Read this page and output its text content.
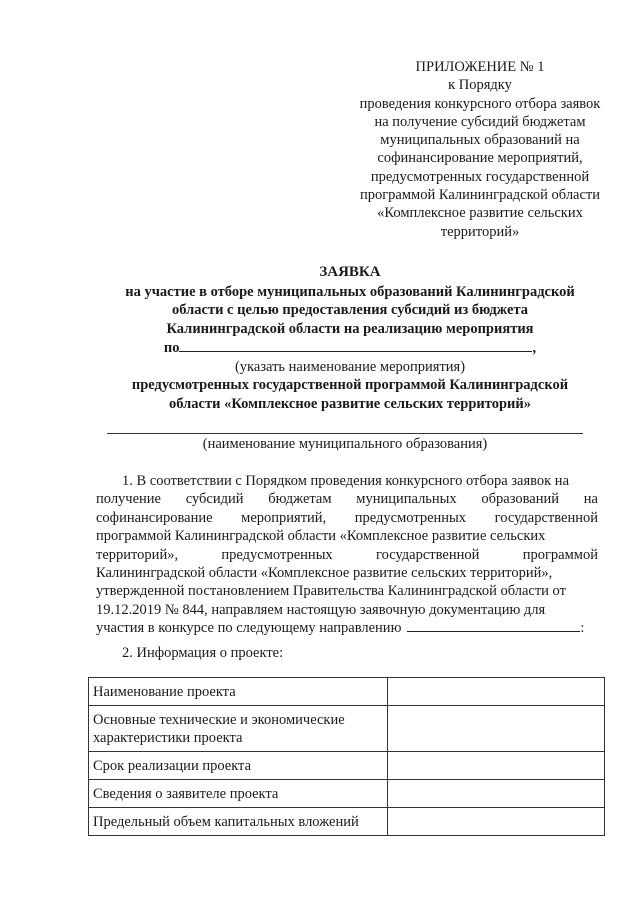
ПРИЛОЖЕНИЕ № 1
к Порядку
проведения конкурсного отбора заявок
на получение субсидий бюджетам
муниципальных образований на
софинансирование мероприятий,
предусмотренных государственной
программой Калининградской области
«Комплексное развитие сельских
территорий»
ЗАЯВКА
на участие в отборе муниципальных образований Калининградской
области с целью предоставления субсидий из бюджета
Калининградской области на реализацию мероприятия
по	,
(указать наименование мероприятия)
предусмотренных государственной программой Калининградской
области «Комплексное развитие сельских территорий»
(наименование муниципального образования)
1. В соответствии с Порядком проведения конкурсного отбора заявок на
получение субсидий бюджетам муниципальных образований на
софинансирование мероприятий, предусмотренных государственной
программой Калининградской области «Комплексное развитие сельских
территорий»,	предусмотренных	государственной	программой
Калининградской области «Комплексное развитие сельских территорий»,
утвержденной постановлением Правительства Калининградской области от
19.12.2019 № 844, направляем настоящую заявочную документацию для
участия в конкурсе по следующему направлению	:
2. Информация о проекте:
Наименование проекта	
Основные технические и экономические характеристики проекта	
Срок реализации проекта	
Сведения о заявителе проекта	

Предельный объем капитальных вложений	
